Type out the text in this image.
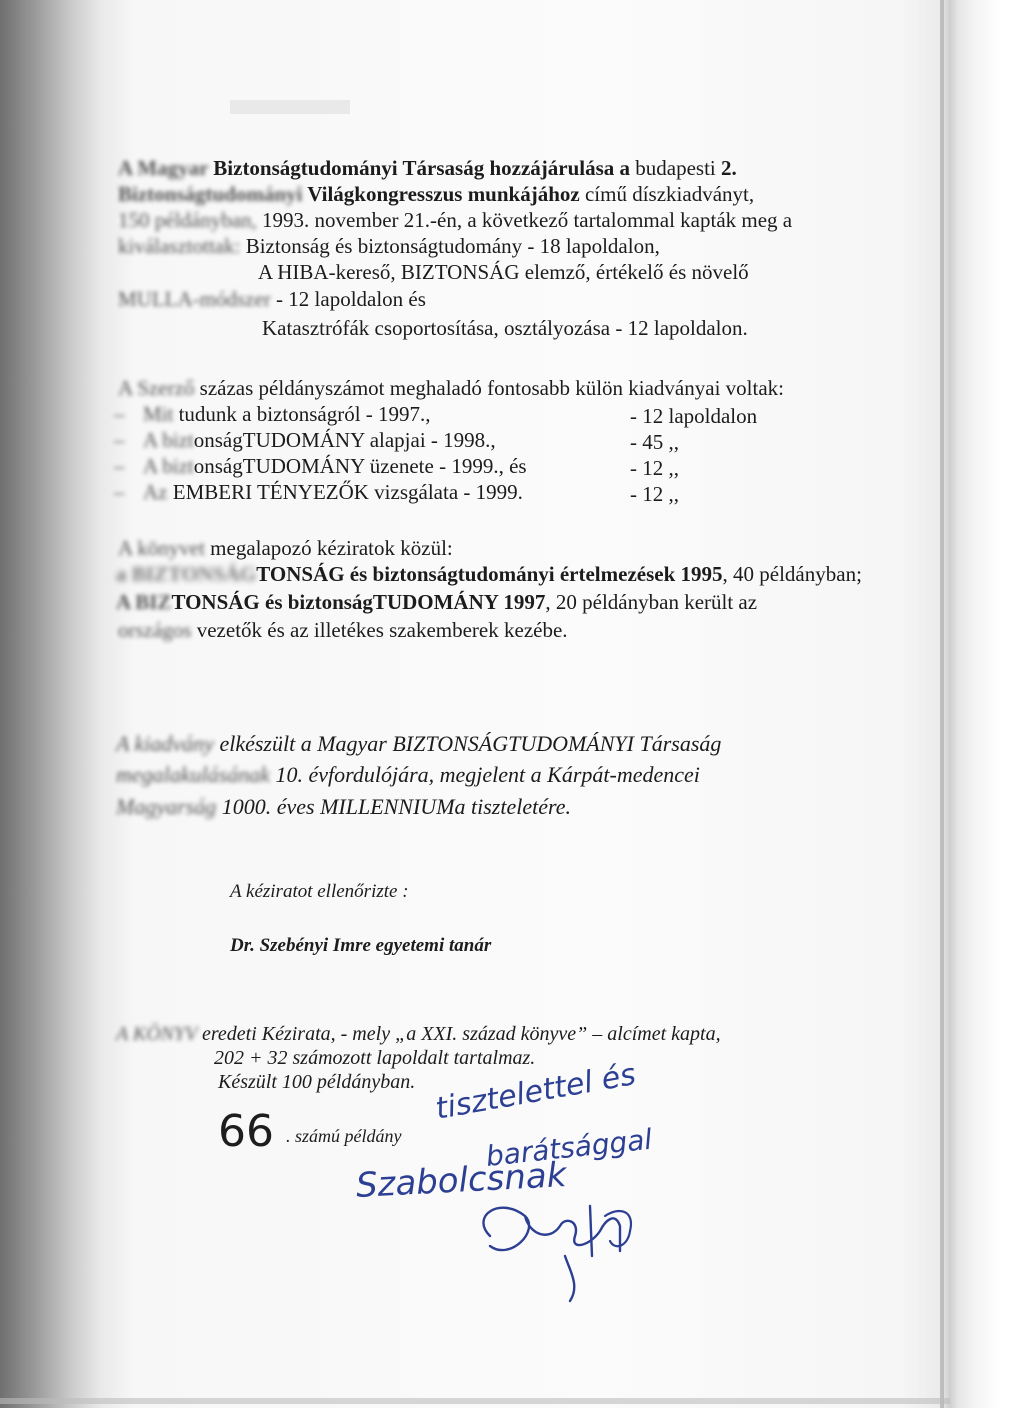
A Magyar Biztonságtudományi Társaság hozzájárulása a budapesti 2.
Biztonságtudományi Világkongresszus munkájához című díszkiadványt,
150 példányban, 1993. november 21.-én, a következő tartalommal kapták meg a
kiválasztottak: Biztonság és biztonságtudomány - 18 lapoldalon,
A HIBA-kereső, BIZTONSÁG elemző, értékelő és növelő
MULLA-módszer - 12 lapoldalon és
Katasztrófák csoportosítása, osztályozása - 12 lapoldalon.
A Szerző százas példányszámot meghaladó fontosabb külön kiadványai voltak:
– Mit tudunk a biztonságról - 1997.,	- 12 lapoldalon
– A biztonságTUDOMÁNY alapjai - 1998.,	- 45 ,,
– A biztonságTUDOMÁNY üzenete - 1999., és	- 12 ,,
– Az EMBERI TÉNYEZŐK vizsgálata - 1999.	- 12 ,,
A könyvet megalapozó kéziratok közül:
a BIZTONSÁGTONSÁG és biztonságtudományi értelmezések 1995, 40 példányban;
A BIZTONSÁG és biztonságTUDOMÁNY 1997, 20 példányban került az
országos vezetők és az illetékes szakemberek kezébe.
A kiadvány elkészült a Magyar BIZTONSÁGTUDOMÁNYI Társaság
megalakulásának 10. évfordulójára, megjelent a Kárpát-medencei
Magyarság 1000. éves MILLENNIUMa tiszteletére.
A kéziratot ellenőrizte :
Dr. Szebényi Imre egyetemi tanár
A KÖNYV eredeti Kézirata, - mely „a XXI. század könyve” – alcímet kapta,
202 + 32 számozott lapoldalt tartalmaz.
Készült 100 példányban.
66 . számú példány
tisztelettel és
barátsággal
Szabolcsnak
